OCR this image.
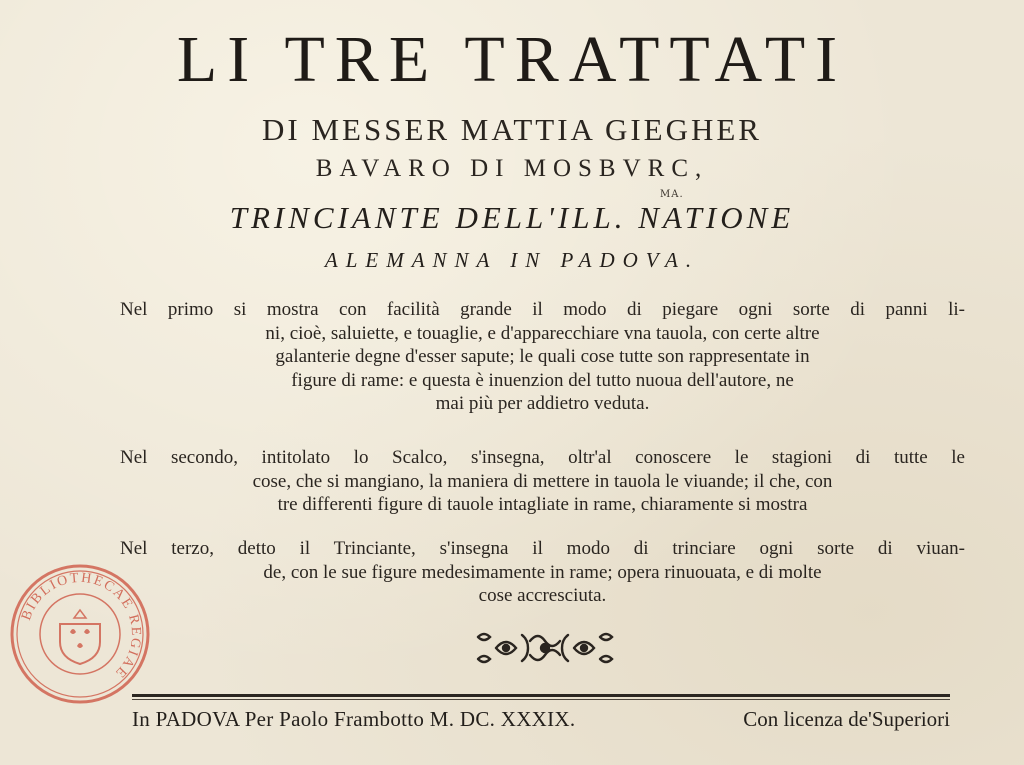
LI TRE TRATTATI
DI MESSER MATTIA GIEGHER
BAVARO DI MOSBVRC,
MA.
TRINCIANTE DELL'ILL. NATIONE
ALEMANNA IN PADOVA.
Nel primo si mostra con facilità grande il modo di piegare ogni sorte di panni li-
ni, cioè, saluiette, e touaglie, e d'apparecchiare vna tauola, con certe altre
galanterie degne d'esser sapute; le quali cose tutte son rappresentate in
figure di rame: e questa è inuenzion del tutto nuoua dell'autore, ne
mai più per addietro veduta.
Nel secondo, intitolato lo Scalco, s'insegna, oltr'al conoscere le stagioni di tutte le
cose, che si mangiano, la maniera di mettere in tauola le viuande; il che, con
tre differenti figure di tauole intagliate in rame, chiaramente si mostra
Nel terzo, detto il Trinciante, s'insegna il modo di trinciare ogni sorte di viuan-
de, con le sue figure medesimamente in rame; opera rinuouata, e di molte
cose accresciuta.
BIBLIOTHECAE REGIAE
In PADOVA Per Paolo Frambotto M. DC. XXXIX.	Con licenza de'Superiori
